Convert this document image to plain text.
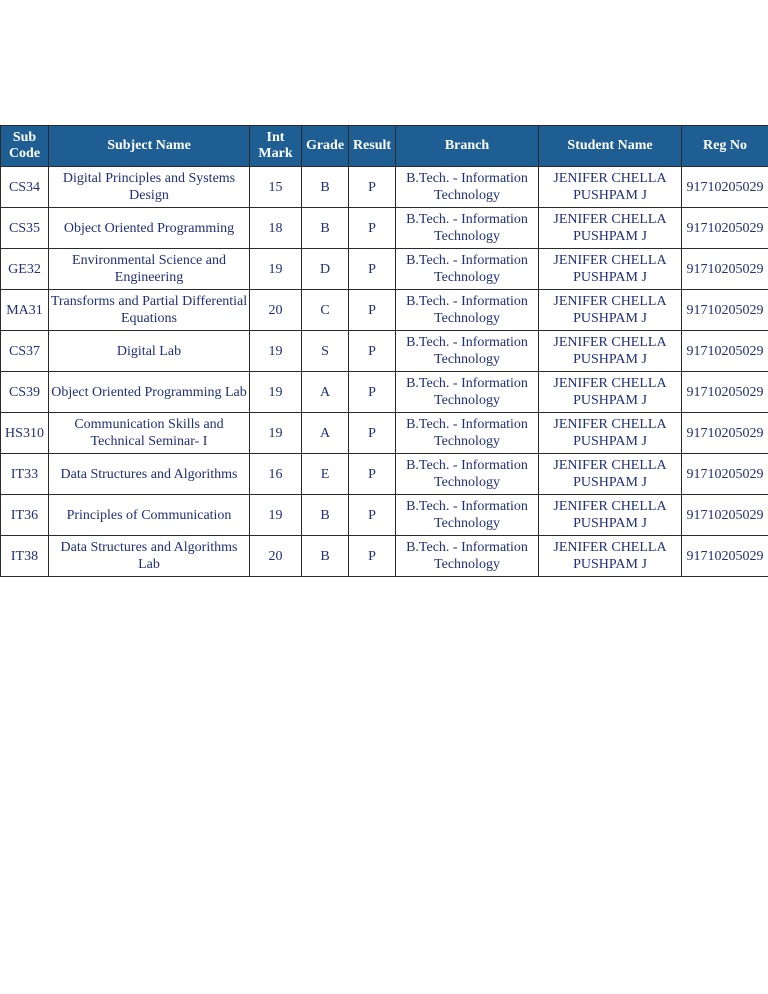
Sub Code	Subject Name	Int Mark	Grade	Result	Branch	Student Name	Reg No
CS34	Digital Principles and Systems Design	15	B	P	B.Tech. - Information Technology	JENIFER CHELLA PUSHPAM J	91710205029
CS35	Object Oriented Programming	18	B	P	B.Tech. - Information Technology	JENIFER CHELLA PUSHPAM J	91710205029
GE32	Environmental Science and Engineering	19	D	P	B.Tech. - Information Technology	JENIFER CHELLA PUSHPAM J	91710205029
MA31	Transforms and Partial Differential Equations	20	C	P	B.Tech. - Information Technology	JENIFER CHELLA PUSHPAM J	91710205029
CS37	Digital Lab	19	S	P	B.Tech. - Information Technology	JENIFER CHELLA PUSHPAM J	91710205029
CS39	Object Oriented Programming Lab	19	A	P	B.Tech. - Information Technology	JENIFER CHELLA PUSHPAM J	91710205029
HS310	Communication Skills and Technical Seminar- I	19	A	P	B.Tech. - Information Technology	JENIFER CHELLA PUSHPAM J	91710205029
IT33	Data Structures and Algorithms	16	E	P	B.Tech. - Information Technology	JENIFER CHELLA PUSHPAM J	91710205029
IT36	Principles of Communication	19	B	P	B.Tech. - Information Technology	JENIFER CHELLA PUSHPAM J	91710205029
IT38	Data Structures and Algorithms Lab	20	B	P	B.Tech. - Information Technology	JENIFER CHELLA PUSHPAM J	91710205029
